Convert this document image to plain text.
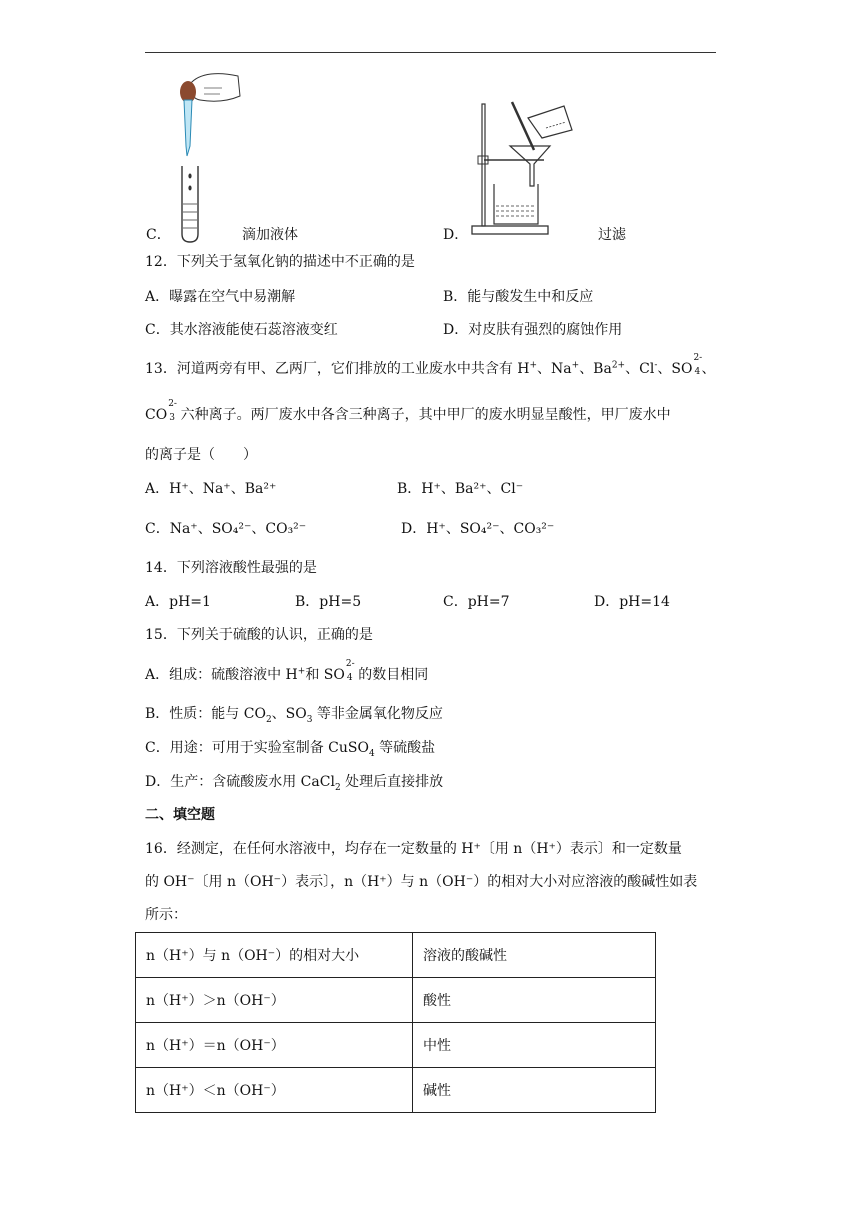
C．	滴加液体	D．	过滤
12．下列关于氢氧化钠的描述中不正确的是
A．曝露在空气中易潮解	B．能与酸发生中和反应
C．其水溶液能使石蕊溶液变红	D．对皮肤有强烈的腐蚀作用
13．河道两旁有甲、乙两厂，它们排放的工业废水中共含有 H+、Na+、$Ba^{2+}$、Cl-、SO
2-
4 、
CO
2-
3 六种离子。两厂废水中各含三种离子，其中甲厂的废水明显呈酸性，甲厂废水中
的离子是（　　）
A．H⁺、Na⁺、Ba²⁺	B．H⁺、Ba²⁺、Cl⁻
C．Na⁺、SO₄²⁻、CO₃²⁻	D．H⁺、SO₄²⁻、CO₃²⁻
14．下列溶液酸性最强的是
A．pH=1	B．pH=5	C．pH=7	D．pH=14
15．下列关于硫酸的认识，正确的是
A．组成：硫酸溶液中 H+和 SO
2-
4 的数目相同
B．性质：能与 $CO_2$、$SO_3$ 等非金属氧化物反应
C．用途：可用于实验室制备 CuSO$_4$ 等硫酸盐
D．生产：含硫酸废水用 CaCl$_2$ 处理后直接排放
二、填空题
16．经测定，在任何水溶液中，均存在一定数量的 H⁺〔用 n（H⁺）表示〕和一定数量
的 OH⁻〔用 n（OH⁻）表示〕，n（H⁺）与 n（OH⁻）的相对大小对应溶液的酸碱性如表
所示：
n（H⁺）与 n（OH⁻）的相对大小	溶液的酸碱性
n（H⁺）＞n（OH⁻）	酸性
n（H⁺）＝n（OH⁻）	中性
n（H⁺）＜n（OH⁻）	碱性
